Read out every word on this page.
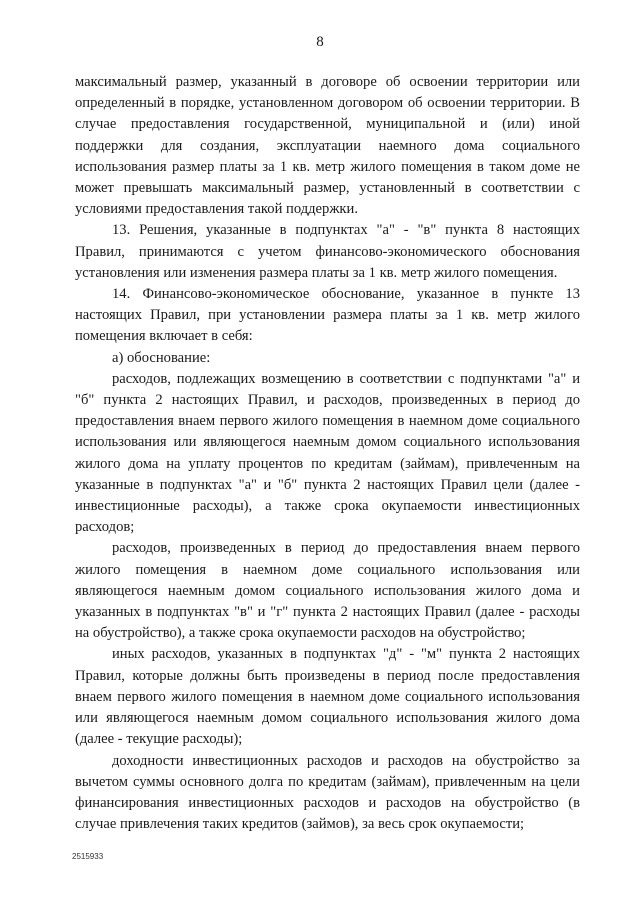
8

максимальный размер, указанный в договоре об освоении территории или определенный в порядке, установленном договором об освоении территории. В случае предоставления государственной, муниципальной и (или) иной поддержки для создания, эксплуатации наемного дома социального использования размер платы за 1 кв. метр жилого помещения в таком доме не может превышать максимальный размер, установленный в соответствии с условиями предоставления такой поддержки.

13. Решения, указанные в подпунктах "а" - "в" пункта 8 настоящих Правил, принимаются с учетом финансово-экономического обоснования установления или изменения размера платы за 1 кв. метр жилого помещения.

14. Финансово-экономическое обоснование, указанное в пункте 13 настоящих Правил, при установлении размера платы за 1 кв. метр жилого помещения включает в себя:

а) обоснование:

расходов, подлежащих возмещению в соответствии с подпунктами "а" и "б" пункта 2 настоящих Правил, и расходов, произведенных в период до предоставления внаем первого жилого помещения в наемном доме социального использования или являющегося наемным домом социального использования жилого дома на уплату процентов по кредитам (займам), привлеченным на указанные в подпунктах "а" и "б" пункта 2 настоящих Правил цели (далее - инвестиционные расходы), а также срока окупаемости инвестиционных расходов;

расходов, произведенных в период до предоставления внаем первого жилого помещения в наемном доме социального использования или являющегося наемным домом социального использования жилого дома и указанных в подпунктах "в" и "г" пункта 2 настоящих Правил (далее - расходы на обустройство), а также срока окупаемости расходов на обустройство;

иных расходов, указанных в подпунктах "д" - "м" пункта 2 настоящих Правил, которые должны быть произведены в период после предоставления внаем первого жилого помещения в наемном доме социального использования или являющегося наемным домом социального использования жилого дома (далее - текущие расходы);

доходности инвестиционных расходов и расходов на обустройство за вычетом суммы основного долга по кредитам (займам), привлеченным на цели финансирования инвестиционных расходов и расходов на обустройство (в случае привлечения таких кредитов (займов), за весь срок окупаемости;

2515933
